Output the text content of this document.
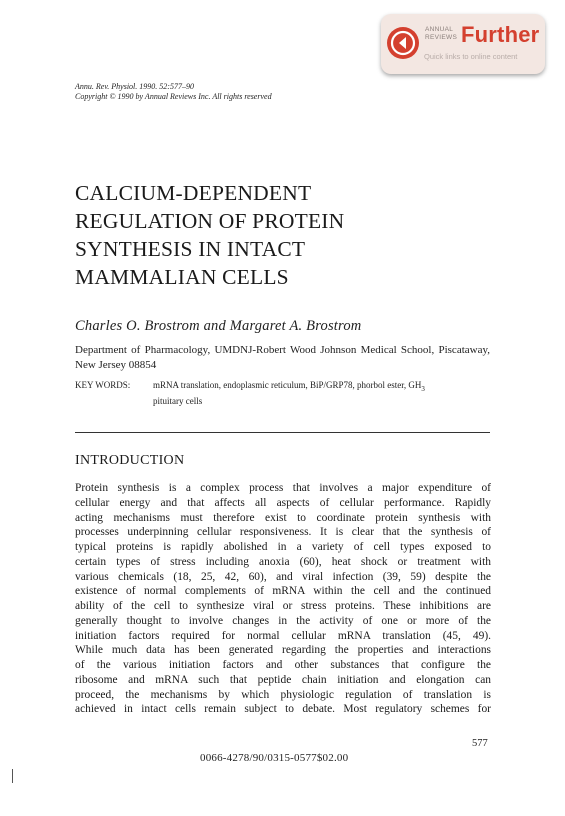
ANNUAL
REVIEWS Further
Quick links to online content
Annu. Rev. Physiol. 1990. 52:577–90
Copyright © 1990 by Annual Reviews Inc. All rights reserved
CALCIUM-DEPENDENT
REGULATION OF PROTEIN
SYNTHESIS IN INTACT
MAMMALIAN CELLS
Charles O. Brostrom and Margaret A. Brostrom
Department of Pharmacology, UMDNJ-Robert Wood Johnson Medical School, Piscataway, New Jersey 08854
KEY WORDS:	mRNA translation, endoplasmic reticulum, BiP/GRP78, phorbol ester, $GH_3$
pituitary cells
INTRODUCTION
Protein synthesis is a complex process that involves a major expenditure of
cellular energy and that affects all aspects of cellular performance. Rapidly
acting mechanisms must therefore exist to coordinate protein synthesis with
processes underpinning cellular responsiveness. It is clear that the synthesis of
typical proteins is rapidly abolished in a variety of cell types exposed to
certain types of stress including anoxia (60), heat shock or treatment with
various chemicals (18, 25, 42, 60), and viral infection (39, 59) despite the
existence of normal complements of mRNA within the cell and the continued
ability of the cell to synthesize viral or stress proteins. These inhibitions are
generally thought to involve changes in the activity of one or more of the
initiation factors required for normal cellular mRNA translation (45, 49).
While much data has been generated regarding the properties and interactions
of the various initiation factors and other substances that configure the
ribosome and mRNA such that peptide chain initiation and elongation can
proceed, the mechanisms by which physiologic regulation of translation is
achieved in intact cells remain subject to debate. Most regulatory schemes for
577
0066-4278/90/0315-0577$02.00
